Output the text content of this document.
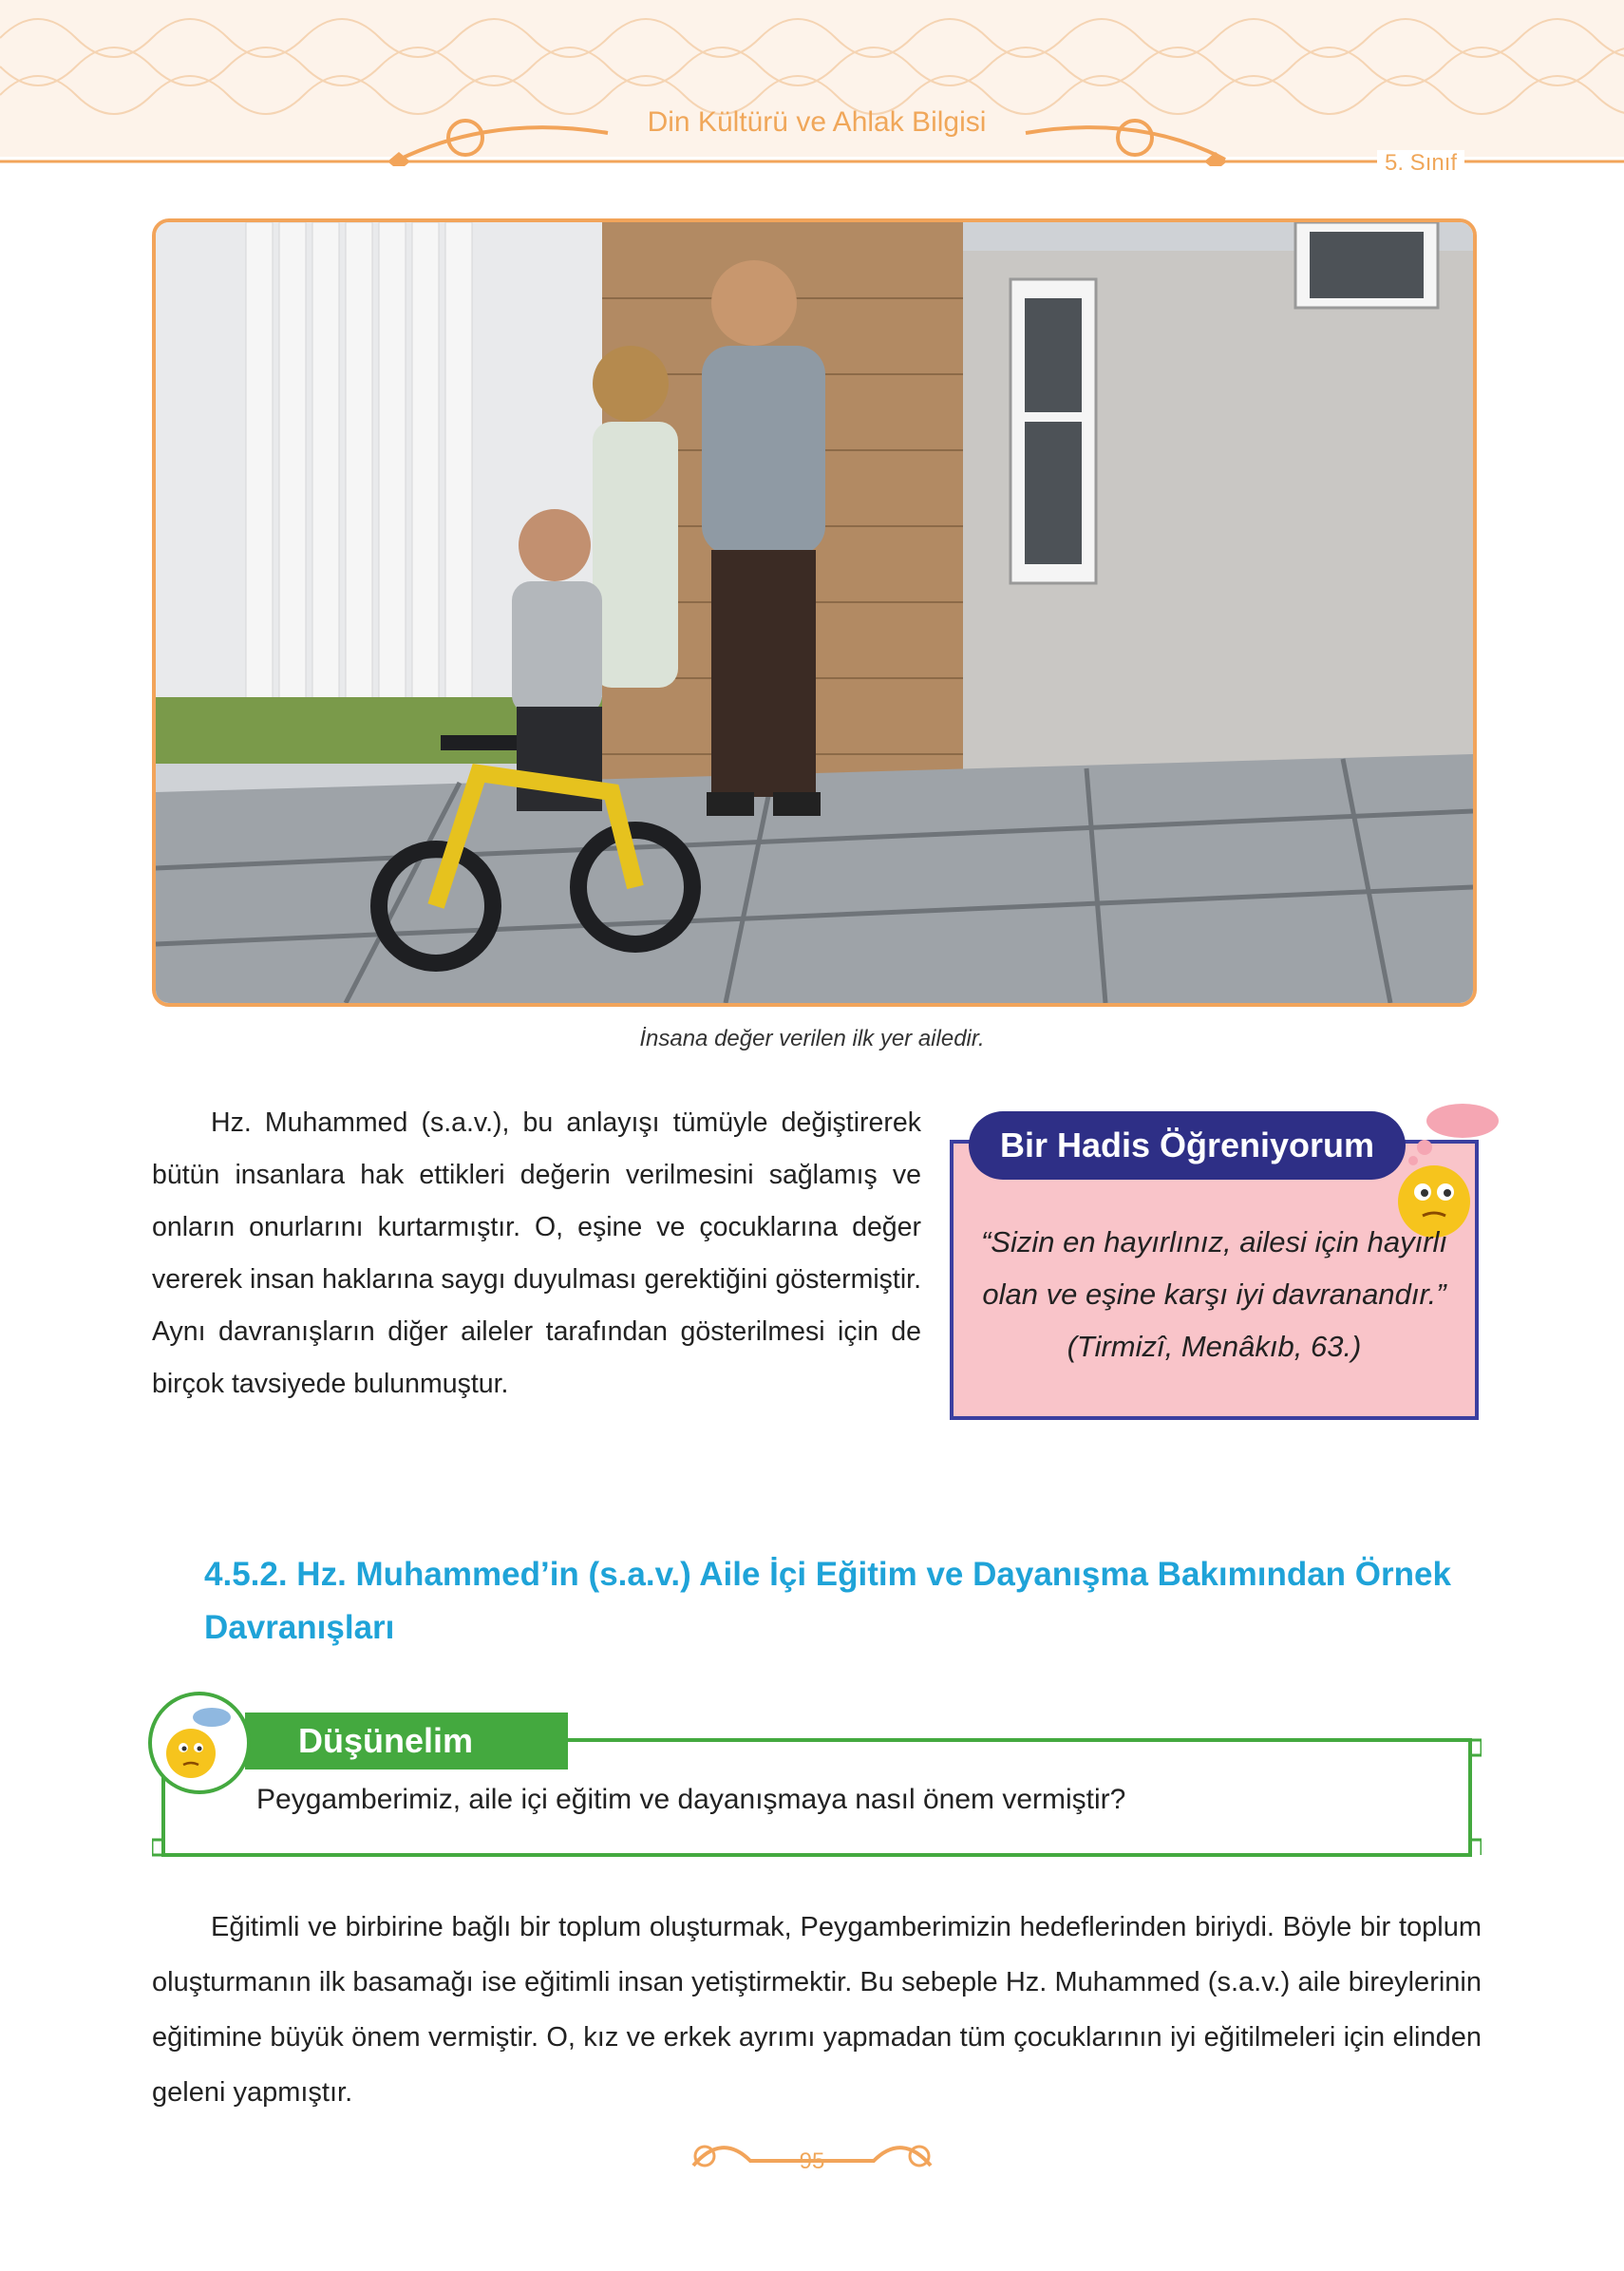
Din Kültürü ve Ahlak Bilgisi
5. Sınıf
İnsana değer verilen ilk yer ailedir.

Hz. Muhammed (s.a.v.), bu anlayışı tümüyle değiştirerek bütün insanlara hak ettikleri değerin verilmesini sağlamış ve onların onurlarını kurtarmıştır. O, eşine ve çocuklarına değer vererek insan haklarına saygı duyulması gerektiğini göstermiştir. Aynı davranışların diğer aileler tarafından gösterilmesi için de birçok tavsiyede bulunmuştur.

Bir Hadis Öğreniyorum
“Sizin en hayırlınız, ailesi için hayırlı olan ve eşine karşı iyi davranandır.” (Tirmizî, Menâkıb, 63.)
4.5.2. Hz. Muhammed’in (s.a.v.) Aile İçi Eğitim ve Dayanışma Bakımından Örnek Davranışları
Düşünelim
Peygamberimiz, aile içi eğitim ve dayanışmaya nasıl önem vermiştir?

Eğitimli ve birbirine bağlı bir toplum oluşturmak, Peygamberimizin hedeflerinden biriydi. Böyle bir toplum oluşturmanın ilk basamağı ise eğitimli insan yetiştirmektir. Bu sebeple Hz. Muhammed (s.a.v.) aile bireylerinin eğitimine büyük önem vermiştir. O, kız ve erkek ayrımı yapmadan tüm çocuklarının iyi eğitilmeleri için elinden geleni yapmıştır.

95
